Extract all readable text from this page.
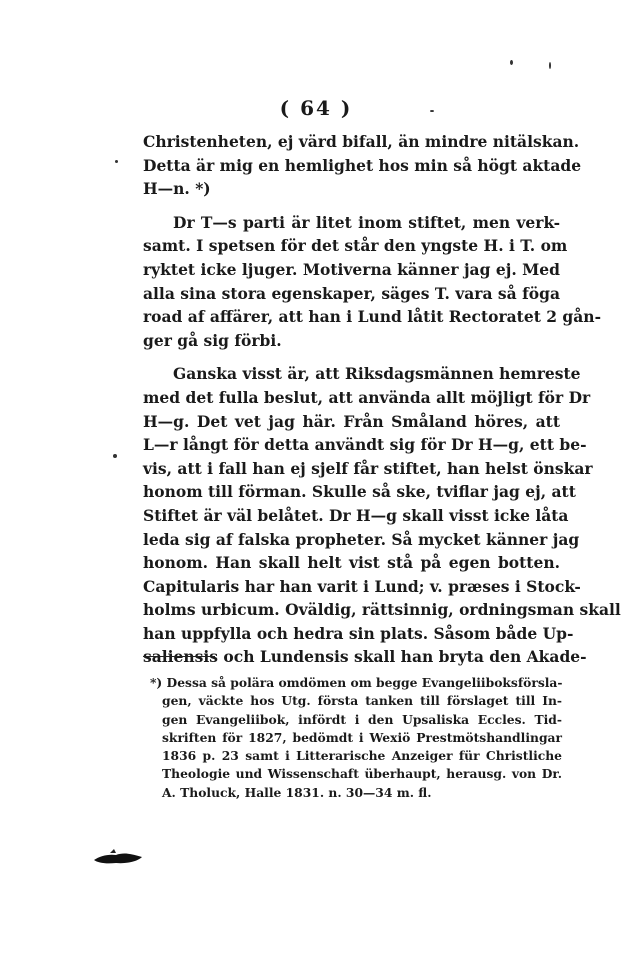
( 64 )

Christenheten, ej värd bifall, än mindre nitälskan.
Detta är mig en hemlighet hos min så högt aktade
H—n. *)

Dr T—s parti är litet inom stiftet, men verk-
samt. I spetsen för det står den yngste H. i T. om
ryktet icke ljuger. Motiverna känner jag ej. Med
alla sina stora egenskaper, säges T. vara så föga
road af affärer, att han i Lund låtit Rectoratet 2 gån-
ger gå sig förbi.

Ganska visst är, att Riksdagsmännen hemreste
med det fulla beslut, att använda allt möjligt för Dr
H—g. Det vet jag här. Från Småland höres, att
L—r långt för detta användt sig för Dr H—g, ett be-
vis, att i fall han ej sjelf får stiftet, han helst önskar
honom till förman. Skulle så ske, tviflar jag ej, att
Stiftet är väl belåtet. Dr H—g skall visst icke låta
leda sig af falska propheter. Så mycket känner jag
honom. Han skall helt vist stå på egen botten.
Capitularis har han varit i Lund; v. præses i Stock-
holms urbicum. Oväldig, rättsinnig, ordningsman skall
han uppfylla och hedra sin plats. Såsom både Up-
saliensis och Lundensis skall han bryta den Akade-

*) Dessa så polära omdömen om begge Evangeliiboksförsla-
gen, väckte hos Utg. första tanken till förslaget till In-
gen Evangeliibok, infördt i den Upsaliska Eccles. Tid-
skriften för 1827, bedömdt i Wexiö Prestmötshandlingar
1836 p. 23 samt i Litterarische Anzeiger für Christliche
Theologie und Wissenschaft überhaupt, herausg. von Dr.
A. Tholuck, Halle 1831. n. 30—34 m. fl.
